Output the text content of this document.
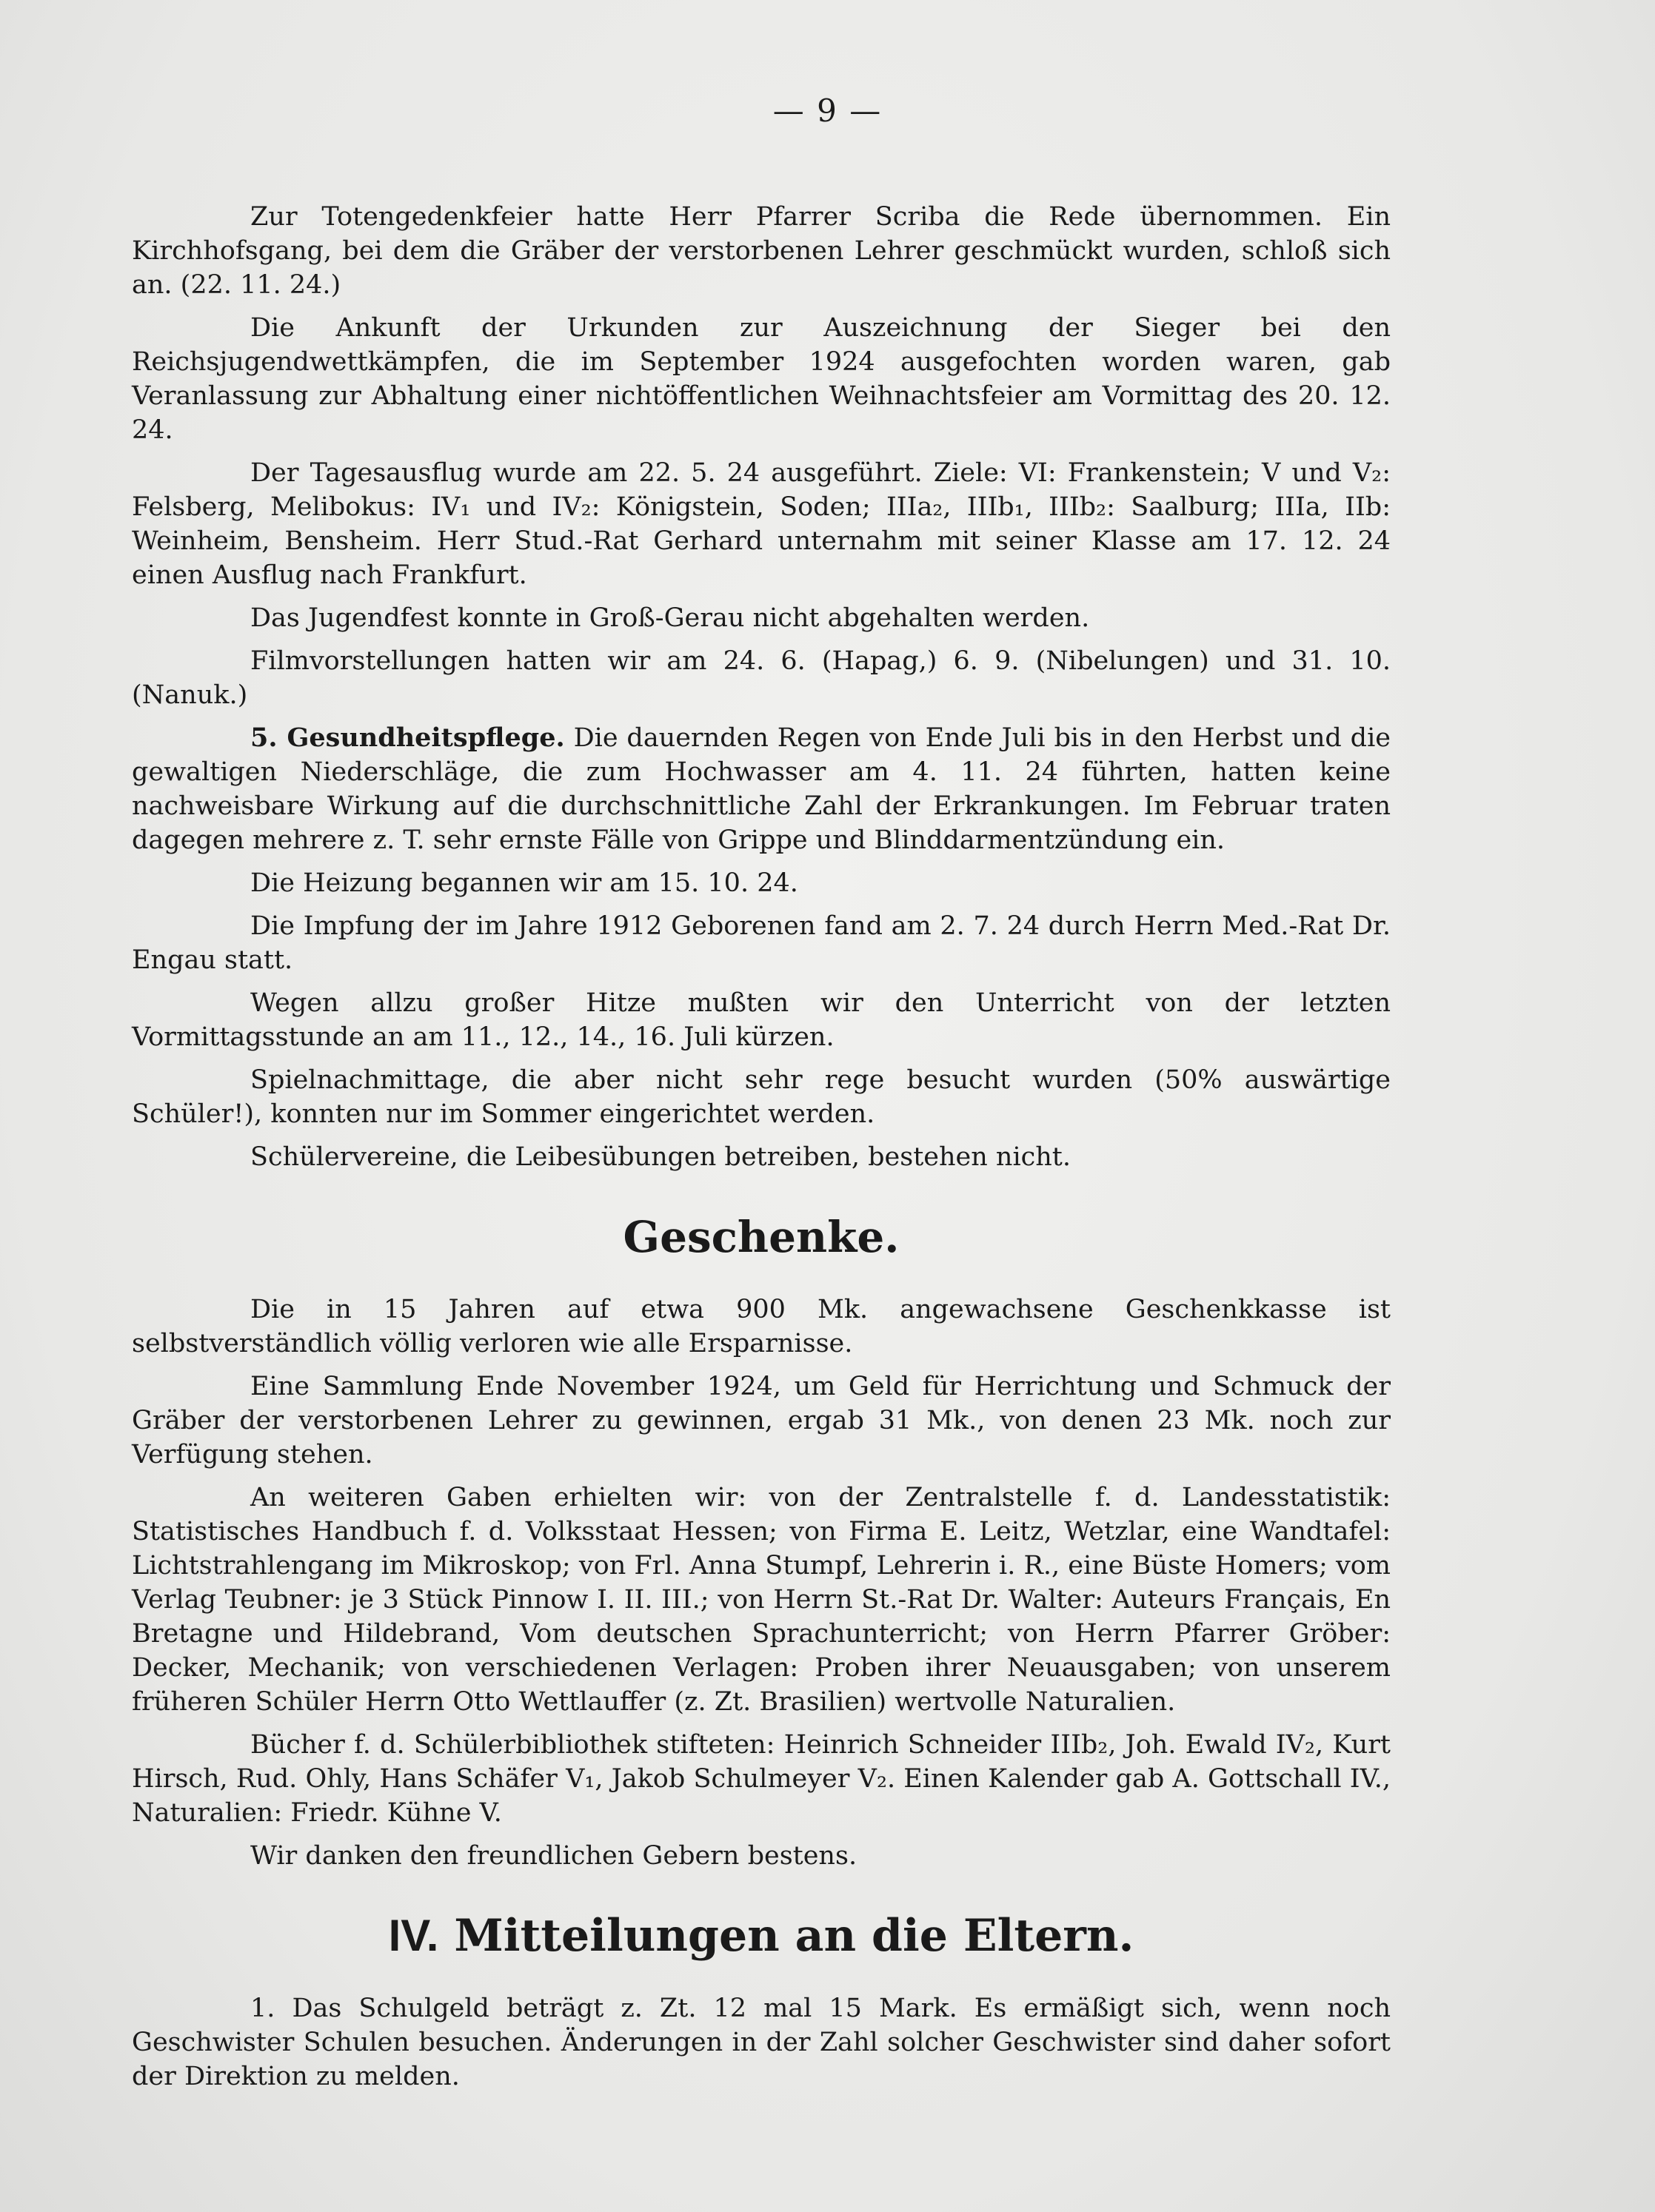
— 9 —

Zur Totengedenkfeier hatte Herr Pfarrer Scriba die Rede übernommen. Ein Kirchhofsgang, bei dem die Gräber der verstorbenen Lehrer geschmückt wurden, schloß sich an. (22. 11. 24.)

Die Ankunft der Urkunden zur Auszeichnung der Sieger bei den Reichsjugendwettkämpfen, die im September 1924 ausgefochten worden waren, gab Veranlassung zur Abhaltung einer nichtöffentlichen Weihnachtsfeier am Vormittag des 20. 12. 24.

Der Tagesausflug wurde am 22. 5. 24 ausgeführt. Ziele: VI: Frankenstein; V und V₂: Felsberg, Melibokus: IV₁ und IV₂: Königstein, Soden; IIIa₂, IIIb₁, IIIb₂: Saalburg; IIIa, IIb: Weinheim, Bensheim. Herr Stud.-Rat Gerhard unternahm mit seiner Klasse am 17. 12. 24 einen Ausflug nach Frankfurt.

Das Jugendfest konnte in Groß-Gerau nicht abgehalten werden.

Filmvorstellungen hatten wir am 24. 6. (Hapag,) 6. 9. (Nibelungen) und 31. 10. (Nanuk.)

5. Gesundheitspflege. Die dauernden Regen von Ende Juli bis in den Herbst und die gewaltigen Niederschläge, die zum Hochwasser am 4. 11. 24 führten, hatten keine nachweisbare Wirkung auf die durchschnittliche Zahl der Erkrankungen. Im Februar traten dagegen mehrere z. T. sehr ernste Fälle von Grippe und Blinddarmentzündung ein.

Die Heizung begannen wir am 15. 10. 24.

Die Impfung der im Jahre 1912 Geborenen fand am 2. 7. 24 durch Herrn Med.-Rat Dr. Engau statt.

Wegen allzu großer Hitze mußten wir den Unterricht von der letzten Vormittagsstunde an am 11., 12., 14., 16. Juli kürzen.

Spielnachmittage, die aber nicht sehr rege besucht wurden (50% auswärtige Schüler!), konnten nur im Sommer eingerichtet werden.

Schülervereine, die Leibesübungen betreiben, bestehen nicht.

Geschenke.

Die in 15 Jahren auf etwa 900 Mk. angewachsene Geschenkkasse ist selbstverständlich völlig verloren wie alle Ersparnisse.

Eine Sammlung Ende November 1924, um Geld für Herrichtung und Schmuck der Gräber der verstorbenen Lehrer zu gewinnen, ergab 31 Mk., von denen 23 Mk. noch zur Verfügung stehen.

An weiteren Gaben erhielten wir: von der Zentralstelle f. d. Landesstatistik: Statistisches Handbuch f. d. Volksstaat Hessen; von Firma E. Leitz, Wetzlar, eine Wandtafel: Lichtstrahlengang im Mikroskop; von Frl. Anna Stumpf, Lehrerin i. R., eine Büste Homers; vom Verlag Teubner: je 3 Stück Pinnow I. II. III.; von Herrn St.-Rat Dr. Walter: Auteurs Français, En Bretagne und Hildebrand, Vom deutschen Sprachunterricht; von Herrn Pfarrer Gröber: Decker, Mechanik; von verschiedenen Verlagen: Proben ihrer Neuausgaben; von unserem früheren Schüler Herrn Otto Wettlauffer (z. Zt. Brasilien) wertvolle Naturalien.

Bücher f. d. Schülerbibliothek stifteten: Heinrich Schneider IIIb₂, Joh. Ewald IV₂, Kurt Hirsch, Rud. Ohly, Hans Schäfer V₁, Jakob Schulmeyer V₂. Einen Kalender gab A. Gottschall IV., Naturalien: Friedr. Kühne V.

Wir danken den freundlichen Gebern bestens.

IV. Mitteilungen an die Eltern.

1. Das Schulgeld beträgt z. Zt. 12 mal 15 Mark. Es ermäßigt sich, wenn noch Geschwister Schulen besuchen. Änderungen in der Zahl solcher Geschwister sind daher sofort der Direktion zu melden.
